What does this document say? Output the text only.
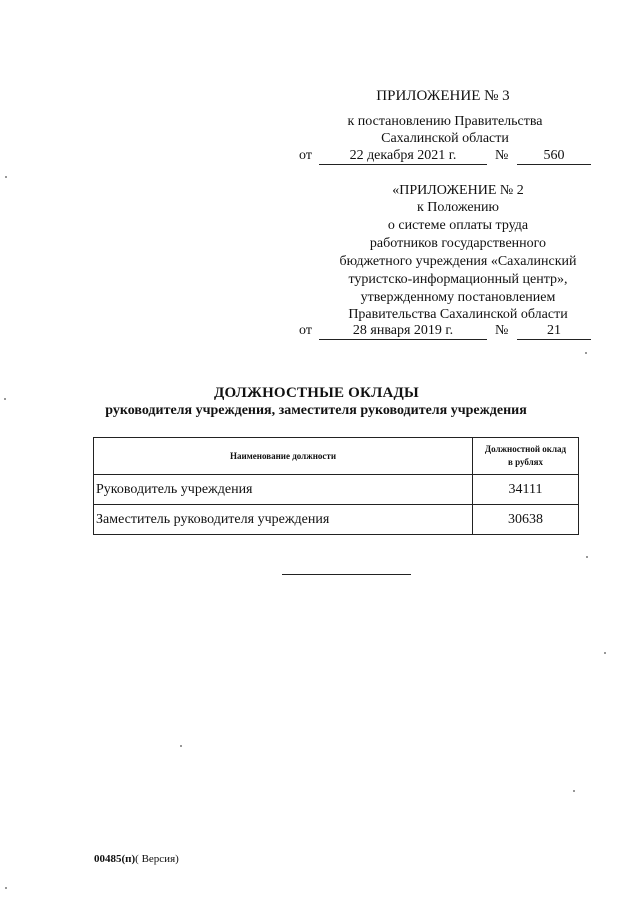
ПРИЛОЖЕНИЕ № 3
к постановлению Правительства
Сахалинской области
от	22 декабря 2021 г.	№	560
«ПРИЛОЖЕНИЕ № 2
к Положению
о системе оплаты труда
работников государственного
бюджетного учреждения «Сахалинский
туристско-информационный центр»,
утвержденному постановлением
Правительства Сахалинской области
от	28 января 2019 г.	№	21
ДОЛЖНОСТНЫЕ ОКЛАДЫ
руководителя учреждения, заместителя руководителя учреждения
Наименование должности	Должностной оклад
в рублях

Руководитель учреждения	34111
Заместитель руководителя учреждения	30638
00485(п)( Версия)
